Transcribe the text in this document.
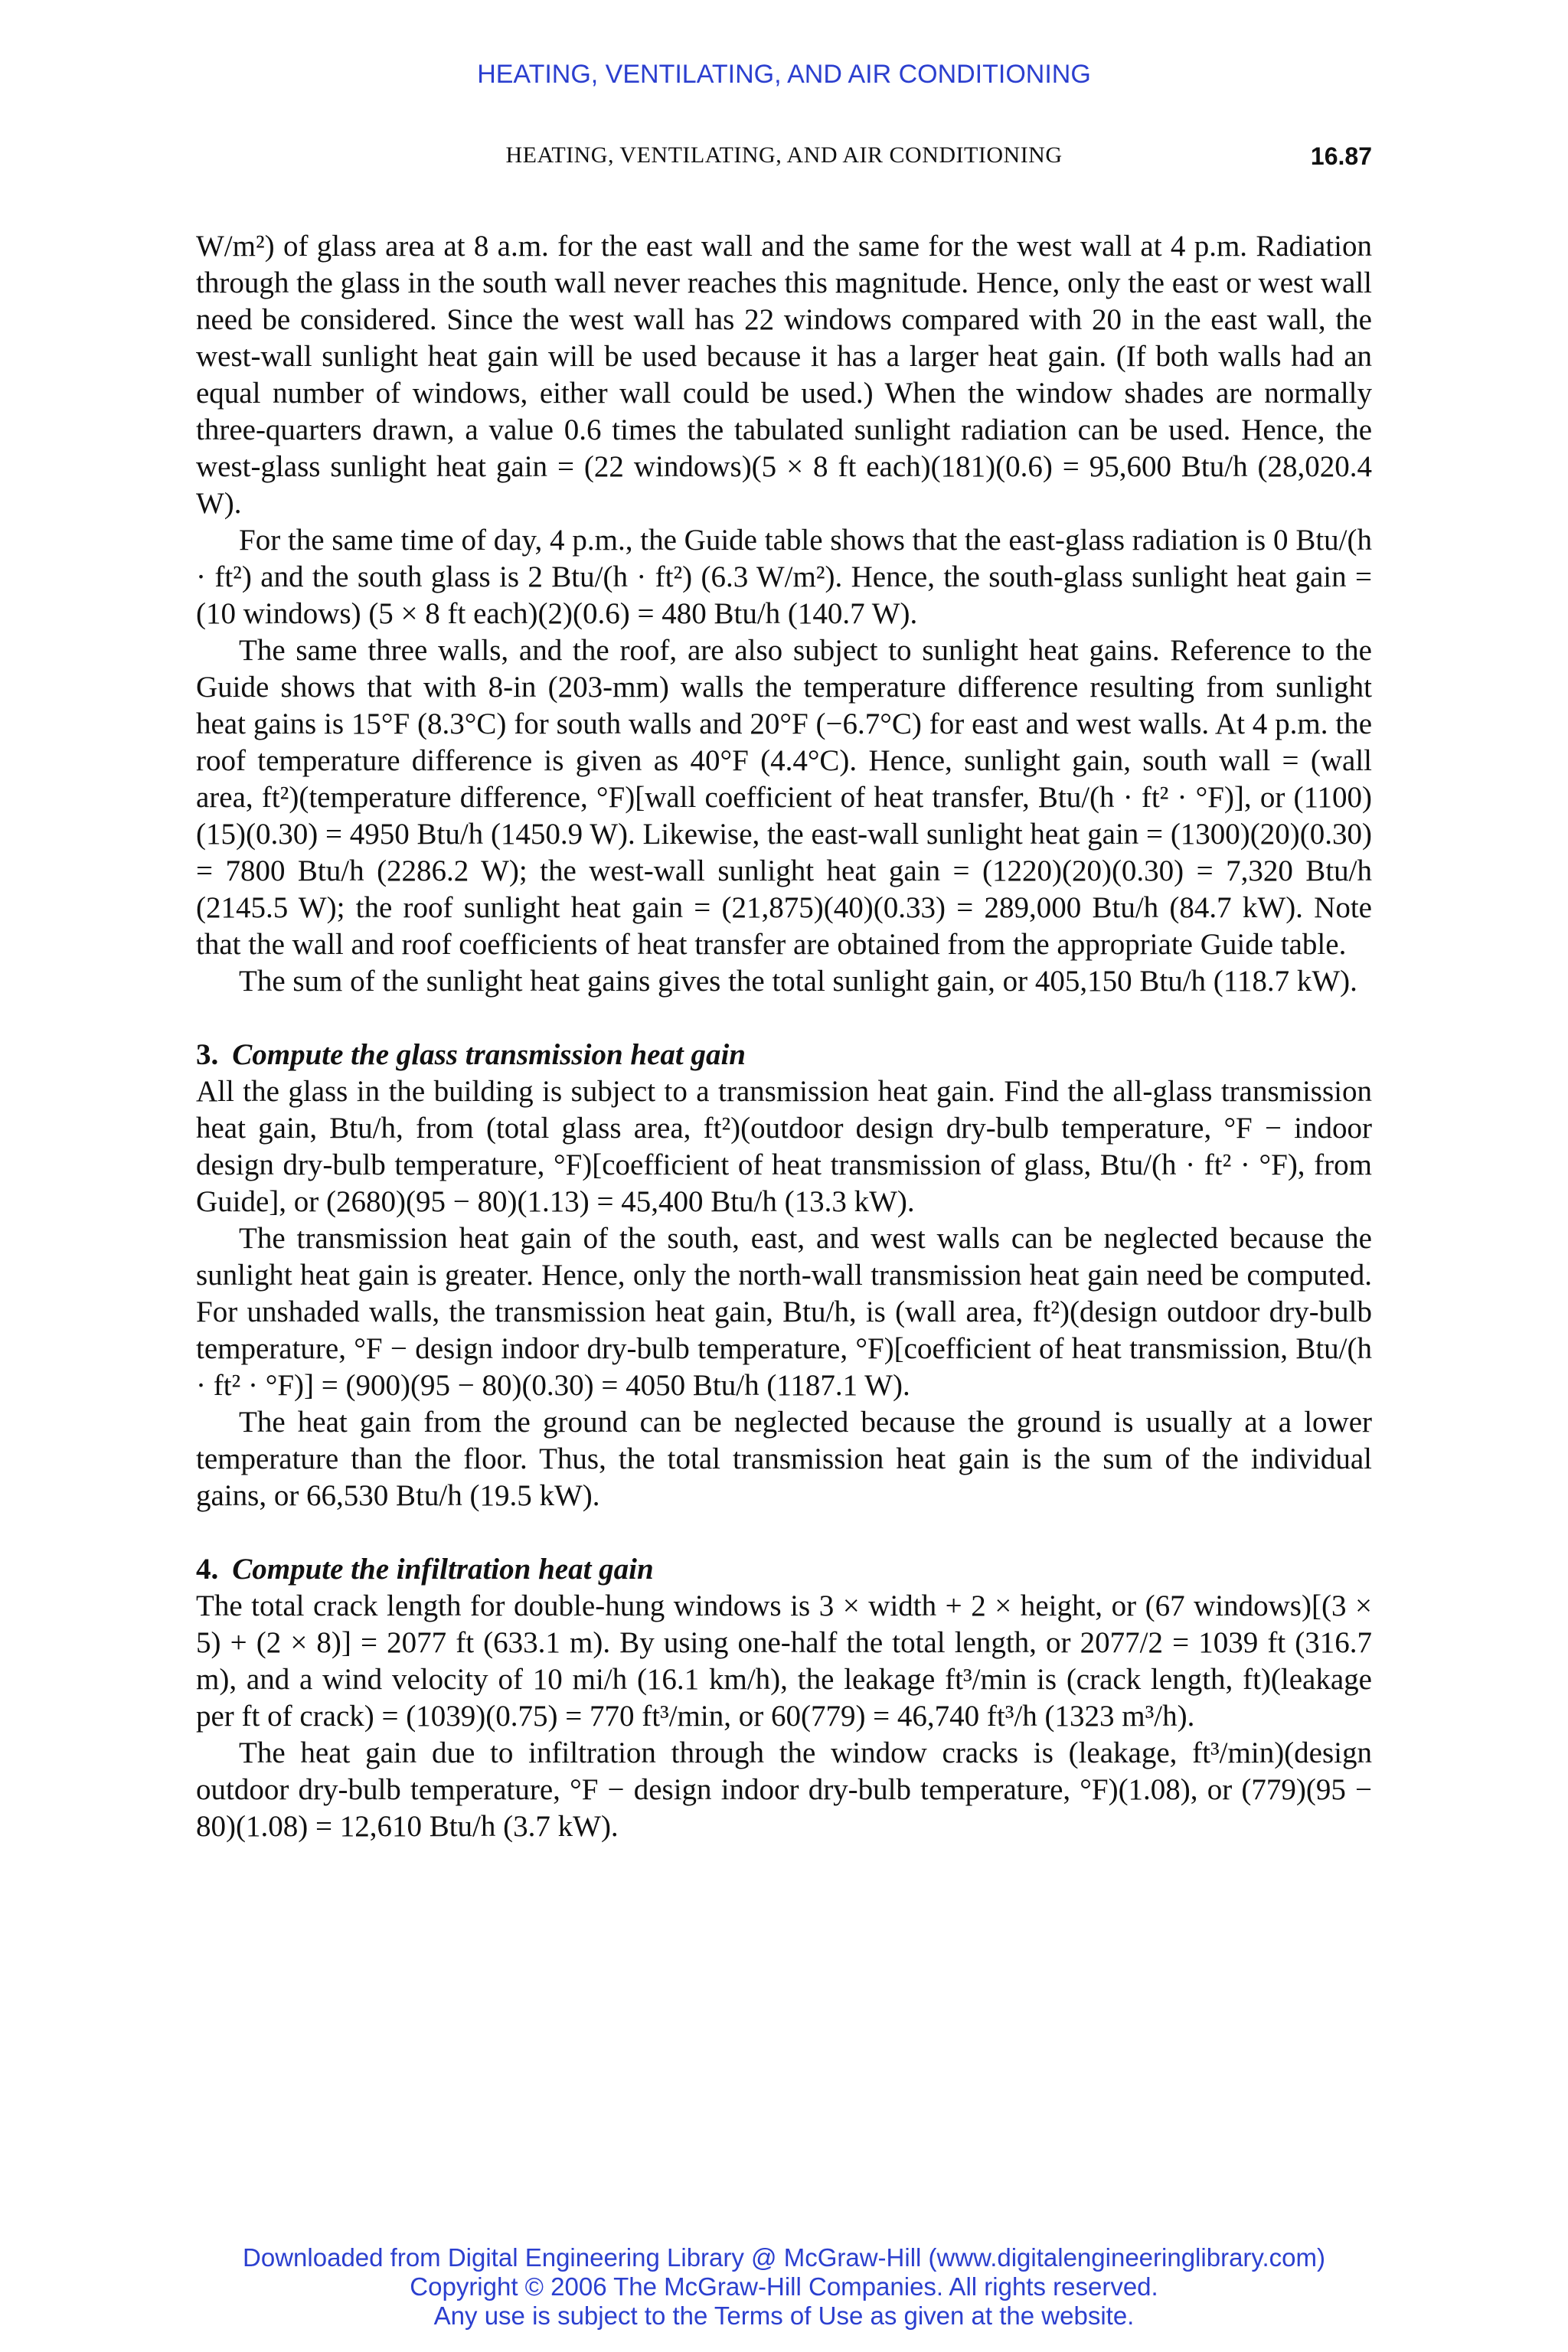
HEATING, VENTILATING, AND AIR CONDITIONING
HEATING, VENTILATING, AND AIR CONDITIONING	16.87

W/m²) of glass area at 8 a.m. for the east wall and the same for the west wall at 4 p.m. Radiation through the glass in the south wall never reaches this magnitude. Hence, only the east or west wall need be considered. Since the west wall has 22 windows compared with 20 in the east wall, the west-wall sunlight heat gain will be used because it has a larger heat gain. (If both walls had an equal number of windows, either wall could be used.) When the window shades are normally three-quarters drawn, a value 0.6 times the tabulated sunlight radiation can be used. Hence, the west-glass sunlight heat gain = (22 windows)(5 × 8 ft each)(181)(0.6) = 95,600 Btu/h (28,020.4 W).

For the same time of day, 4 p.m., the Guide table shows that the east-glass radiation is 0 Btu/(h · ft²) and the south glass is 2 Btu/(h · ft²) (6.3 W/m²). Hence, the south-glass sunlight heat gain = (10 windows) (5 × 8 ft each)(2)(0.6) = 480 Btu/h (140.7 W).

The same three walls, and the roof, are also subject to sunlight heat gains. Reference to the Guide shows that with 8-in (203-mm) walls the temperature difference resulting from sunlight heat gains is 15°F (8.3°C) for south walls and 20°F (−6.7°C) for east and west walls. At 4 p.m. the roof temperature difference is given as 40°F (4.4°C). Hence, sunlight gain, south wall = (wall area, ft²)(temperature difference, °F)[wall coefficient of heat transfer, Btu/(h · ft² · °F)], or (1100)(15)(0.30) = 4950 Btu/h (1450.9 W). Likewise, the east-wall sunlight heat gain = (1300)(20)(0.30) = 7800 Btu/h (2286.2 W); the west-wall sunlight heat gain = (1220)(20)(0.30) = 7,320 Btu/h (2145.5 W); the roof sunlight heat gain = (21,875)(40)(0.33) = 289,000 Btu/h (84.7 kW). Note that the wall and roof coefficients of heat transfer are obtained from the appropriate Guide table.

The sum of the sunlight heat gains gives the total sunlight gain, or 405,150 Btu/h (118.7 kW).

3. Compute the glass transmission heat gain

All the glass in the building is subject to a transmission heat gain. Find the all-glass transmission heat gain, Btu/h, from (total glass area, ft²)(outdoor design dry-bulb temperature, °F − indoor design dry-bulb temperature, °F)[coefficient of heat transmission of glass, Btu/(h · ft² · °F), from Guide], or (2680)(95 − 80)(1.13) = 45,400 Btu/h (13.3 kW).

The transmission heat gain of the south, east, and west walls can be neglected because the sunlight heat gain is greater. Hence, only the north-wall transmission heat gain need be computed. For unshaded walls, the transmission heat gain, Btu/h, is (wall area, ft²)(design outdoor dry-bulb temperature, °F − design indoor dry-bulb temperature, °F)[coefficient of heat transmission, Btu/(h · ft² · °F)] = (900)(95 − 80)(0.30) = 4050 Btu/h (1187.1 W).

The heat gain from the ground can be neglected because the ground is usually at a lower temperature than the floor. Thus, the total transmission heat gain is the sum of the individual gains, or 66,530 Btu/h (19.5 kW).

4. Compute the infiltration heat gain

The total crack length for double-hung windows is 3 × width + 2 × height, or (67 windows)[(3 × 5) + (2 × 8)] = 2077 ft (633.1 m). By using one-half the total length, or 2077/2 = 1039 ft (316.7 m), and a wind velocity of 10 mi/h (16.1 km/h), the leakage ft³/min is (crack length, ft)(leakage per ft of crack) = (1039)(0.75) = 770 ft³/min, or 60(779) = 46,740 ft³/h (1323 m³/h).

The heat gain due to infiltration through the window cracks is (leakage, ft³/min)(design outdoor dry-bulb temperature, °F − design indoor dry-bulb temperature, °F)(1.08), or (779)(95 − 80)(1.08) = 12,610 Btu/h (3.7 kW).

Downloaded from Digital Engineering Library @ McGraw-Hill (www.digitalengineeringlibrary.com)
Copyright © 2006 The McGraw-Hill Companies. All rights reserved.
Any use is subject to the Terms of Use as given at the website.
